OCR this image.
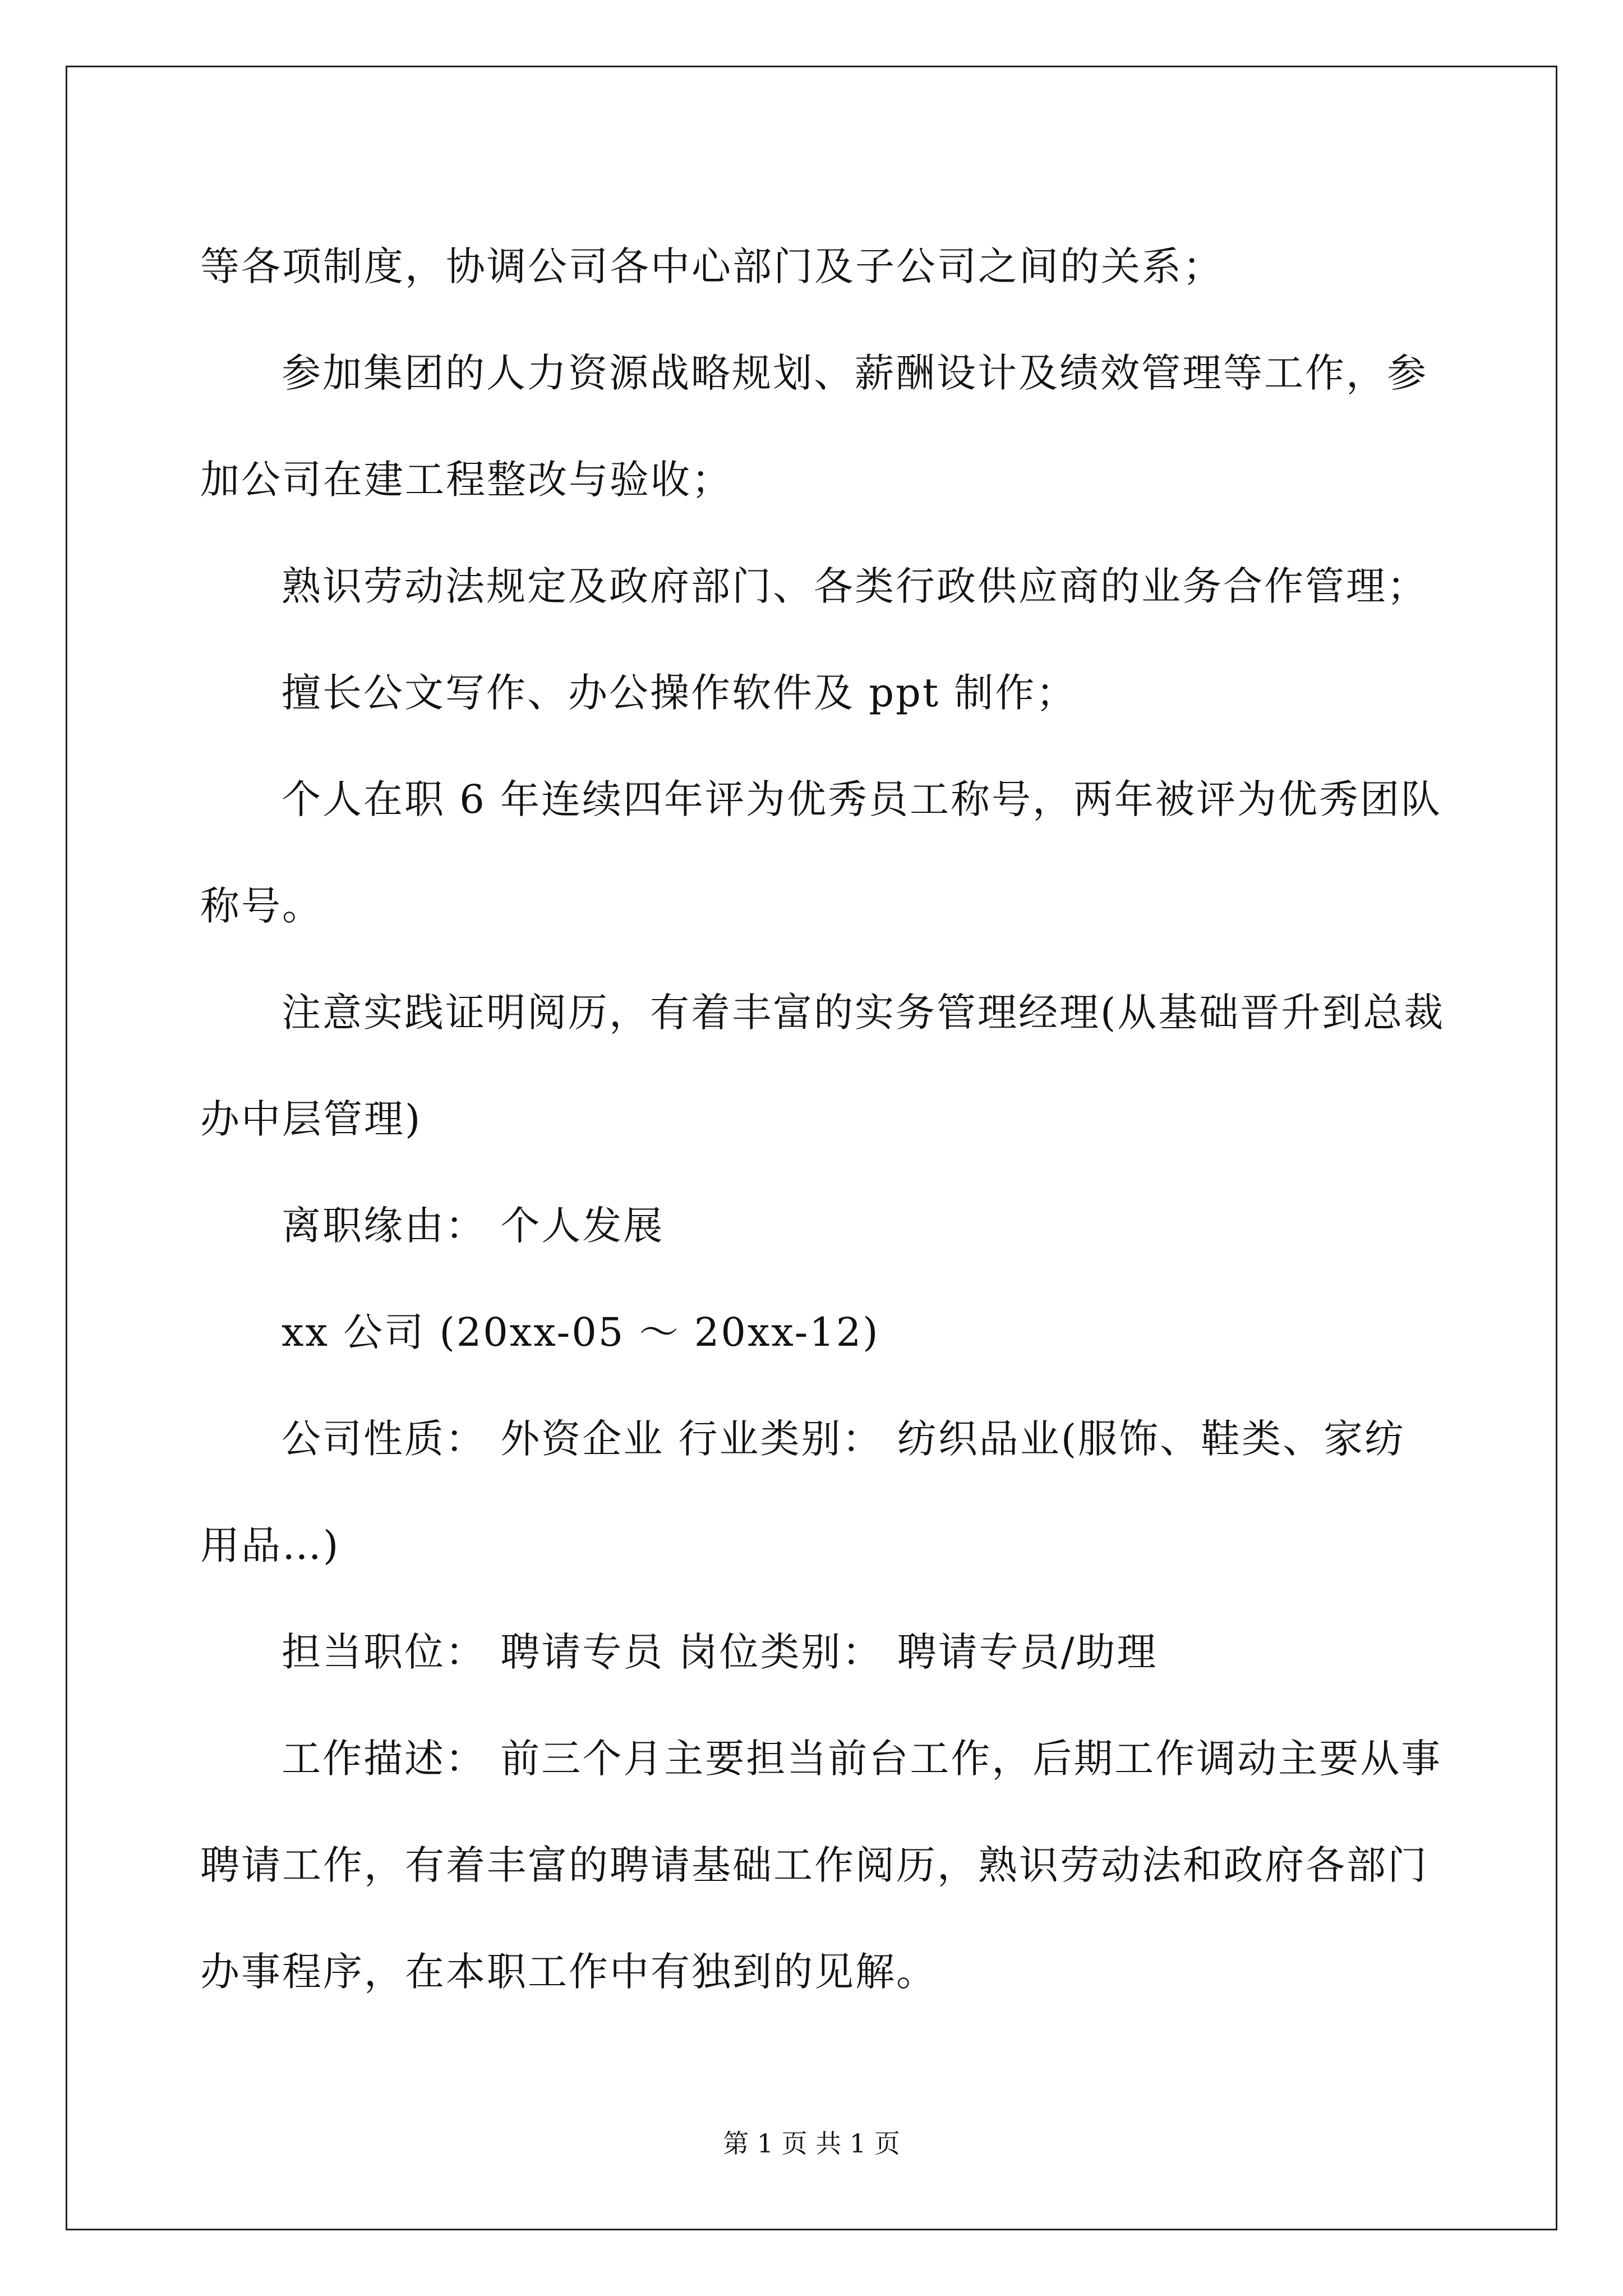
等各项制度，协调公司各中心部门及子公司之间的关系；
参加集团的人力资源战略规划、薪酬设计及绩效管理等工作，参
加公司在建工程整改与验收；
熟识劳动法规定及政府部门、各类行政供应商的业务合作管理；
擅长公文写作、办公操作软件及 ppt 制作；
个人在职 6 年连续四年评为优秀员工称号，两年被评为优秀团队
称号。
注意实践证明阅历，有着丰富的实务管理经理(从基础晋升到总裁
办中层管理)
离职缘由： 个人发展
xx 公司 (20xx-05 ～ 20xx-12)
公司性质： 外资企业 行业类别： 纺织品业(服饰、鞋类、家纺
用品…)
担当职位： 聘请专员 岗位类别： 聘请专员/助理
工作描述： 前三个月主要担当前台工作，后期工作调动主要从事
聘请工作，有着丰富的聘请基础工作阅历，熟识劳动法和政府各部门
办事程序，在本职工作中有独到的见解。
第 1 页 共 1 页
